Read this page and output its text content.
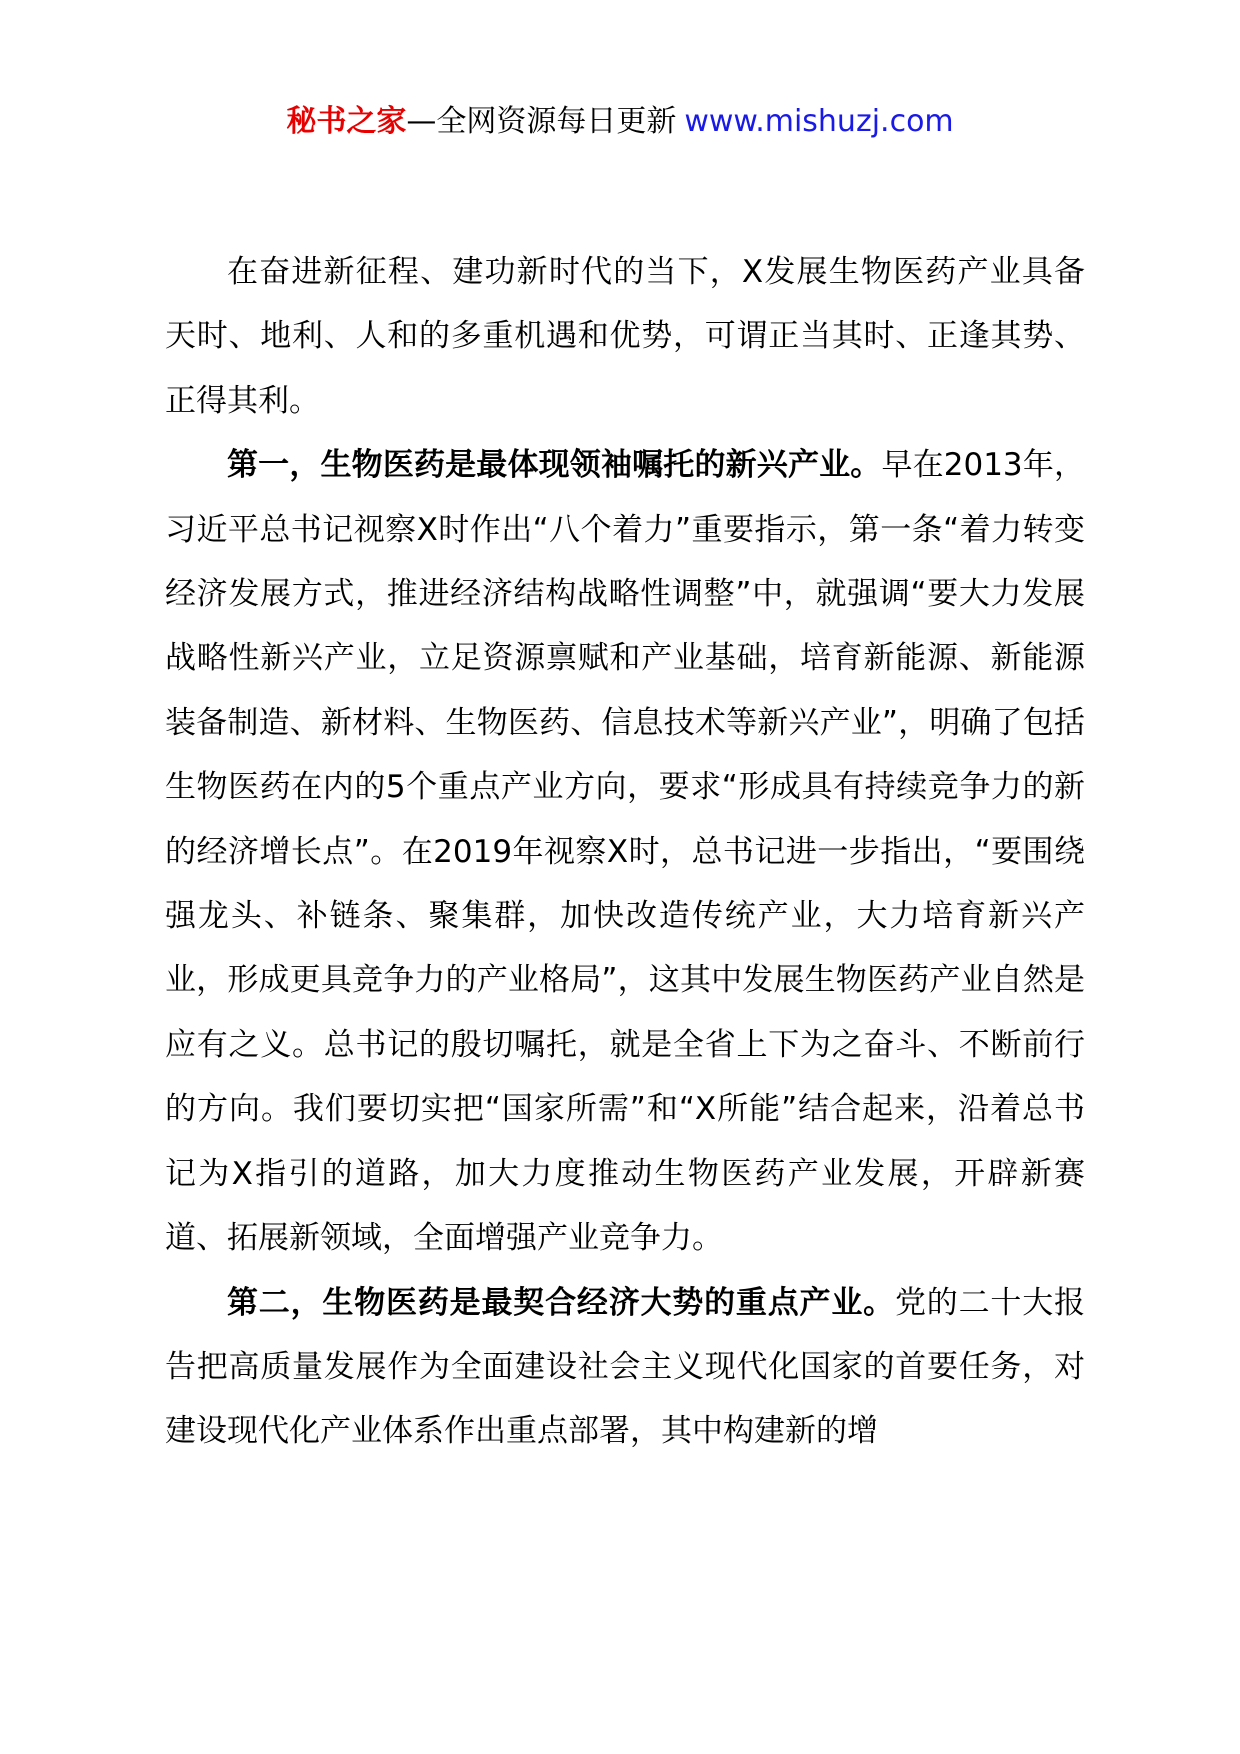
秘书之家—全网资源每日更新 www.mishuzj.com

在奋进新征程、建功新时代的当下，X发展生物医药产业具备天时、地利、人和的多重机遇和优势，可谓正当其时、正逢其势、正得其利。

第一，生物医药是最体现领袖嘱托的新兴产业。早在2013年，习近平总书记视察X时作出“八个着力”重要指示，第一条“着力转变经济发展方式，推进经济结构战略性调整”中，就强调“要大力发展战略性新兴产业，立足资源禀赋和产业基础，培育新能源、新能源装备制造、新材料、生物医药、信息技术等新兴产业”，明确了包括生物医药在内的5个重点产业方向，要求“形成具有持续竞争力的新的经济增长点”。在2019年视察X时，总书记进一步指出，“要围绕强龙头、补链条、聚集群，加快改造传统产业，大力培育新兴产业，形成更具竞争力的产业格局”，这其中发展生物医药产业自然是应有之义。总书记的殷切嘱托，就是全省上下为之奋斗、不断前行的方向。我们要切实把“国家所需”和“X所能”结合起来，沿着总书记为X指引的道路，加大力度推动生物医药产业发展，开辟新赛道、拓展新领域，全面增强产业竞争力。

第二，生物医药是最契合经济大势的重点产业。党的二十大报告把高质量发展作为全面建设社会主义现代化国家的首要任务，对建设现代化产业体系作出重点部署，其中构建新的增
